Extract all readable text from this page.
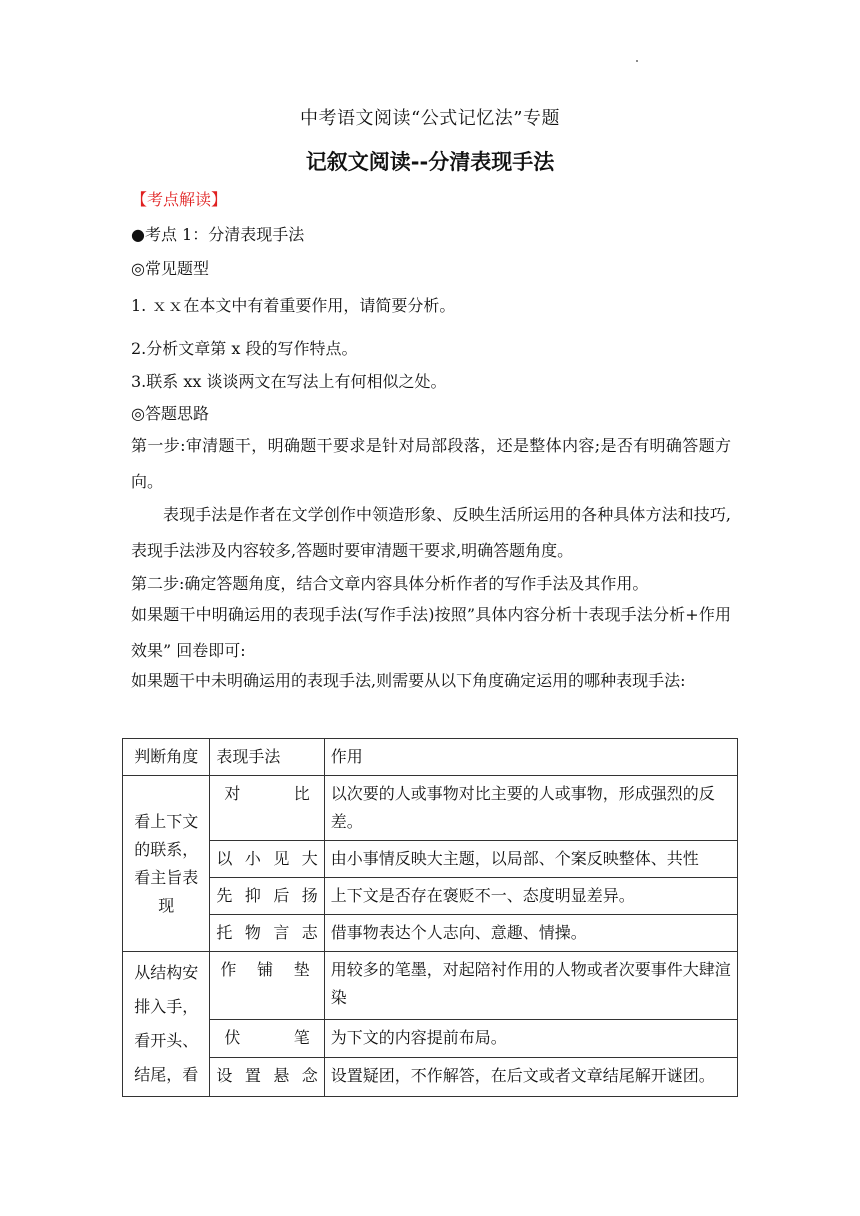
中考语文阅读“公式记忆法”专题
记叙文阅读--分清表现手法
【考点解读】
●考点 1：分清表现手法
◎常见题型
1. ｘｘ在本文中有着重要作用，请简要分析。
2.分析文章第 x 段的写作特点。
3.联系 xx 谈谈两文在写法上有何相似之处。
◎答题思路
第一步:审清题干，明确题干要求是针对局部段落，还是整体内容;是否有明确答题方向。
表现手法是作者在文学创作中领造形象、反映生活所运用的各种具体方法和技巧,表现手法涉及内容较多,答题时要审清题干要求,明确答题角度。
第二步:确定答题角度，结合文章内容具体分析作者的写作手法及其作用。
如果题干中明确运用的表现手法(写作手法)按照”具体内容分析十表现手法分析+作用效果” 回卷即可:
如果题干中未明确运用的表现手法,则需要从以下角度确定运用的哪种表现手法:
判断角度	表现手法	作用
看上下文的联系，看主旨表现	对比	以次要的人或事物对比主要的人或事物，形成强烈的反差。
	以小见大	由小事情反映大主题，以局部、个案反映整体、共性
	先抑后扬	上下文是否存在褒贬不一、态度明显差异。
	托物言志	借事物表达个人志向、意趣、情操。
从结构安排入手，看开头、结尾，看	作铺垫	用较多的笔墨，对起陪衬作用的人物或者次要事件大肆渲染
	伏笔	为下文的内容提前布局。
	设置悬念	设置疑团，不作解答，在后文或者文章结尾解开谜团。
